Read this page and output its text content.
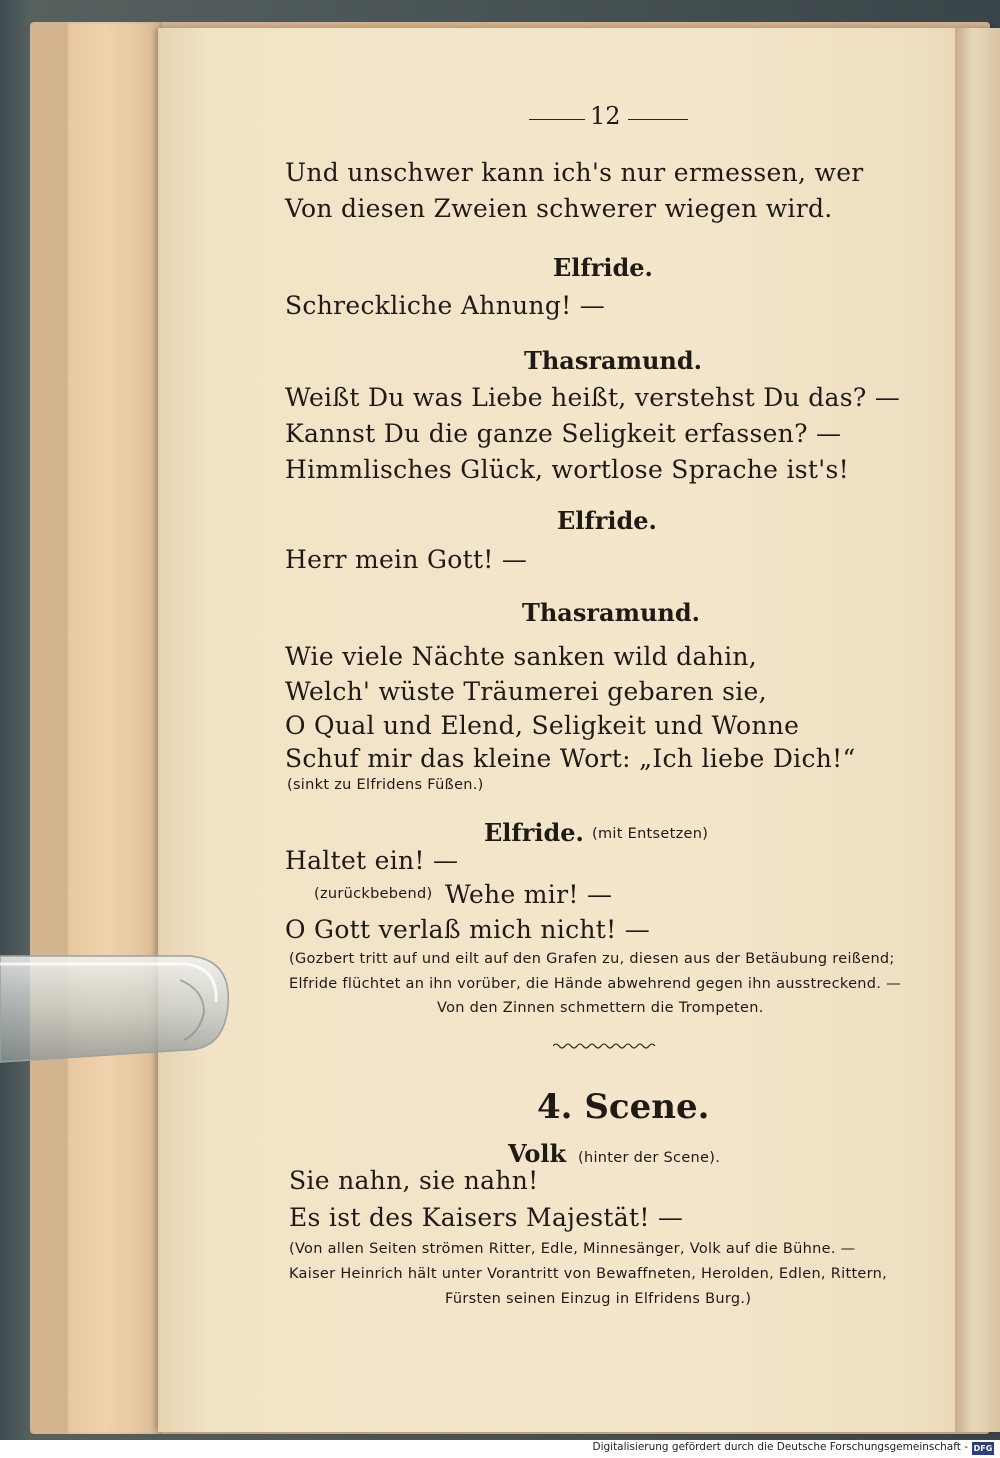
12
Und unschwer kann ich's nur ermessen, wer
Von diesen Zweien schwerer wiegen wird.
Elfride.
Schreckliche Ahnung! —
Thasramund.
Weißt Du was Liebe heißt, verstehst Du das? —
Kannst Du die ganze Seligkeit erfassen? —
Himmlisches Glück, wortlose Sprache ist's!
Elfride.
Herr mein Gott! —
Thasramund.
Wie viele Nächte sanken wild dahin,
Welch' wüste Träumerei gebaren sie,
O Qual und Elend, Seligkeit und Wonne
Schuf mir das kleine Wort: „Ich liebe Dich!“
(sinkt zu Elfridens Füßen.)
Elfride. (mit Entsetzen)
Haltet ein! —
(zurückbebend) Wehe mir! —
O Gott verlaß mich nicht! —
(Gozbert tritt auf und eilt auf den Grafen zu, diesen aus der Betäubung reißend;
Elfride flüchtet an ihn vorüber, die Hände abwehrend gegen ihn ausstreckend. —
Von den Zinnen schmettern die Trompeten.
4. Scene.
Volk (hinter der Scene).
Sie nahn, sie nahn!
Es ist des Kaisers Majestät! —
(Von allen Seiten strömen Ritter, Edle, Minnesänger, Volk auf die Bühne. —
Kaiser Heinrich hält unter Vorantritt von Bewaffneten, Herolden, Edlen, Rittern,
Fürsten seinen Einzug in Elfridens Burg.)
Digitalisierung gefördert durch die Deutsche Forschungsgemeinschaft - DFG
